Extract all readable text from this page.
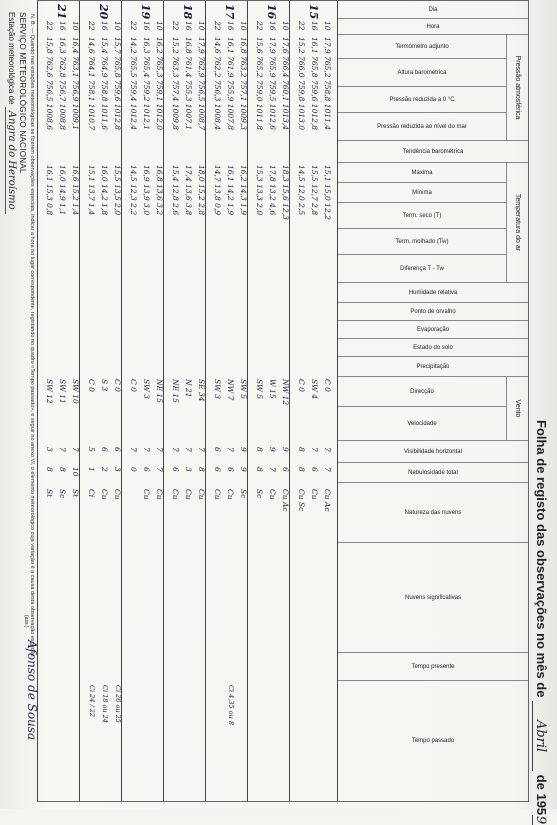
Folha de registo das observações no mês de Abril de 1959
Dia
Hora
Pressão atmosférica
Termómetro adjunto
Altura barométrica
Pressão reduzida a 0 °C
Pressão reduzida ao nível do mar
Tendência barométrica
Temperatura do ar
Máxima
Mínima
Term. seco (T)
Term. molhado (Tw)
Diferença T - Tw
Humidade relativa
Ponto de orvalho
Evaporação
Estado do solo
Precipitação
Vento
Direcção
Velocidade
Visibilidade horizontal
Nebulosidade total
Natureza das nuvens
Nuvens significativas
Tempo presente
Tempo passado
15
10
17,9 765,2 758,8 1011,4
15,1 15,0 12,2
C 0
7
7
Cu Ac
16
16,1 765,8 759,6 1012,8
15,5 12,7 2,8
SW 4
7
6
Cu
22
15,2 766,0 759,8 1013,0
14,5 12,0 2,5
C 0
8
8
Cu Sc
16
10
17,6 766,4 760,1 1013,4
18,3 15,6 12,3
NW 12
9
6
Cu Ac
16
17,9 765,9 759,5 1012,6
17,8 13,2 4,6
W 15
9
7
Cu
22
15,6 765,2 759,0 1011,8
15,3 13,3 2,0
SW 5
8
8
Sc
17
10
16,8 763,2 757,1 1009,3
16,2 14,3 1,9
SW 5
9
9
Sc
16
16,1 761,9 755,9 1007,8
16,1 14,2 1,9
NW 7
7
6
Cu
Ci 4,35 ou 8
22
14,6 762,2 756,3 1008,4
14,7 13,8 0,9
SW 3
6
6
Cu
18
10
17,9 762,9 756,5 1008,7
18,0 15,2 2,8
SE 34
7
8
Cu
16
16,8 761,4 755,3 1007,1
17,4 13,6 3,8
N 21
7
3
Cu
22
15,2 763,3 757,4 1009,8
15,4 12,8 2,6
NE 15
7
6
Cu
19
10
16,2 765,3 759,1 1012,0
16,8 13,6 3,2
NE 15
7
7
Cu
16
16,3 765,4 759,2 1012,1
16,9 13,9 3,0
SW 3
7
6
Cu
22
14,2 765,5 759,4 1012,4
14,5 12,3 2,2
C 0
7
0
20
10
15,7 765,8 759,6 1012,8
15,5 13,5 2,0
C 0
6
3
Cu
Ci 26 ou 25
16
15,4 764,9 758,8 1011,6
16,0 14,2 1,8
S 3
6
2
Cu
Ci 18 ou 24
22
14,6 764,1 758,1 1010,7
15,1 13,7 1,4
C 0
5
1
Ci
Ci 24 / 22
21
10
16,4 763,1 756,9 1009,1
16,6 15,2 1,4
SW 10
7
10
St
16
16,3 762,8 756,7 1008,8
16,0 14,9 1,1
SW 11
7
8
Sc
22
15,8 762,6 756,5 1008,6
16,1 15,3 0,8
SW 12
3
8
St
SERVIÇO METEOROLÓGICO NACIONAL
Estação meteorológica de Angra do Heroísmo N. B. — Quando nas estações meteorológicas se fizerem observações especiais, indicar a hora no lugar correspondente, registando no quadro «Tempo passado», e seguir no anexo VI, o elemento meteorológico cuja variação é a causa desta observação especial.
(ass.)
Afonso de Sousa
